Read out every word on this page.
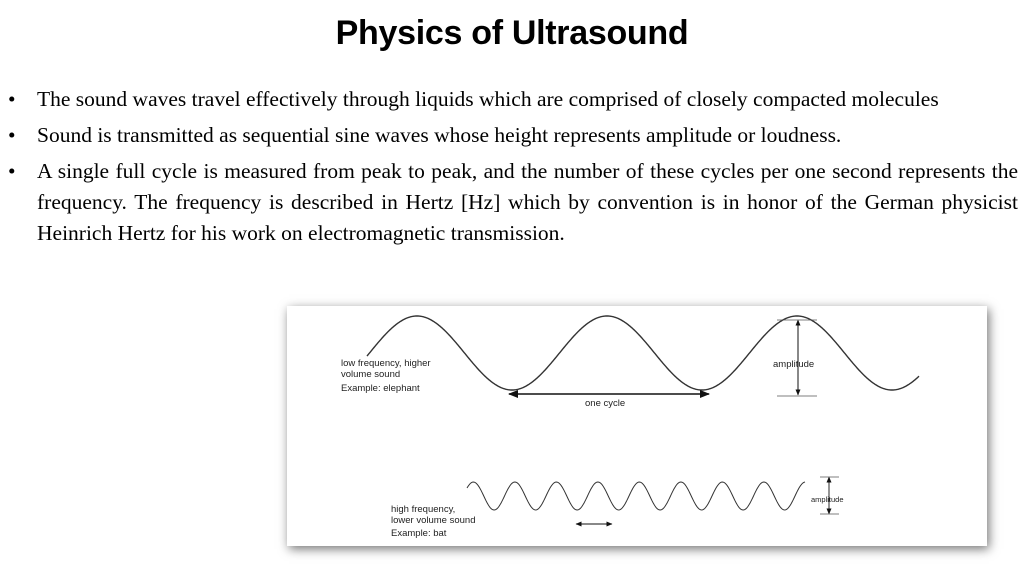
Physics of Ultrasound
• The sound waves travel effectively through liquids which are comprised of closely compacted molecules
• Sound is transmitted as sequential sine waves whose height represents amplitude or loudness.
• A single full cycle is measured from peak to peak, and the number of these cycles per one second represents the frequency. The frequency is described in Hertz [Hz] which by convention is in honor of the German physicist Heinrich Hertz for his work on electromagnetic transmission.
low frequency, higher
volume sound
Example: elephant
one cycle
amplitude
high frequency,
lower volume sound
Example: bat
amplitude
